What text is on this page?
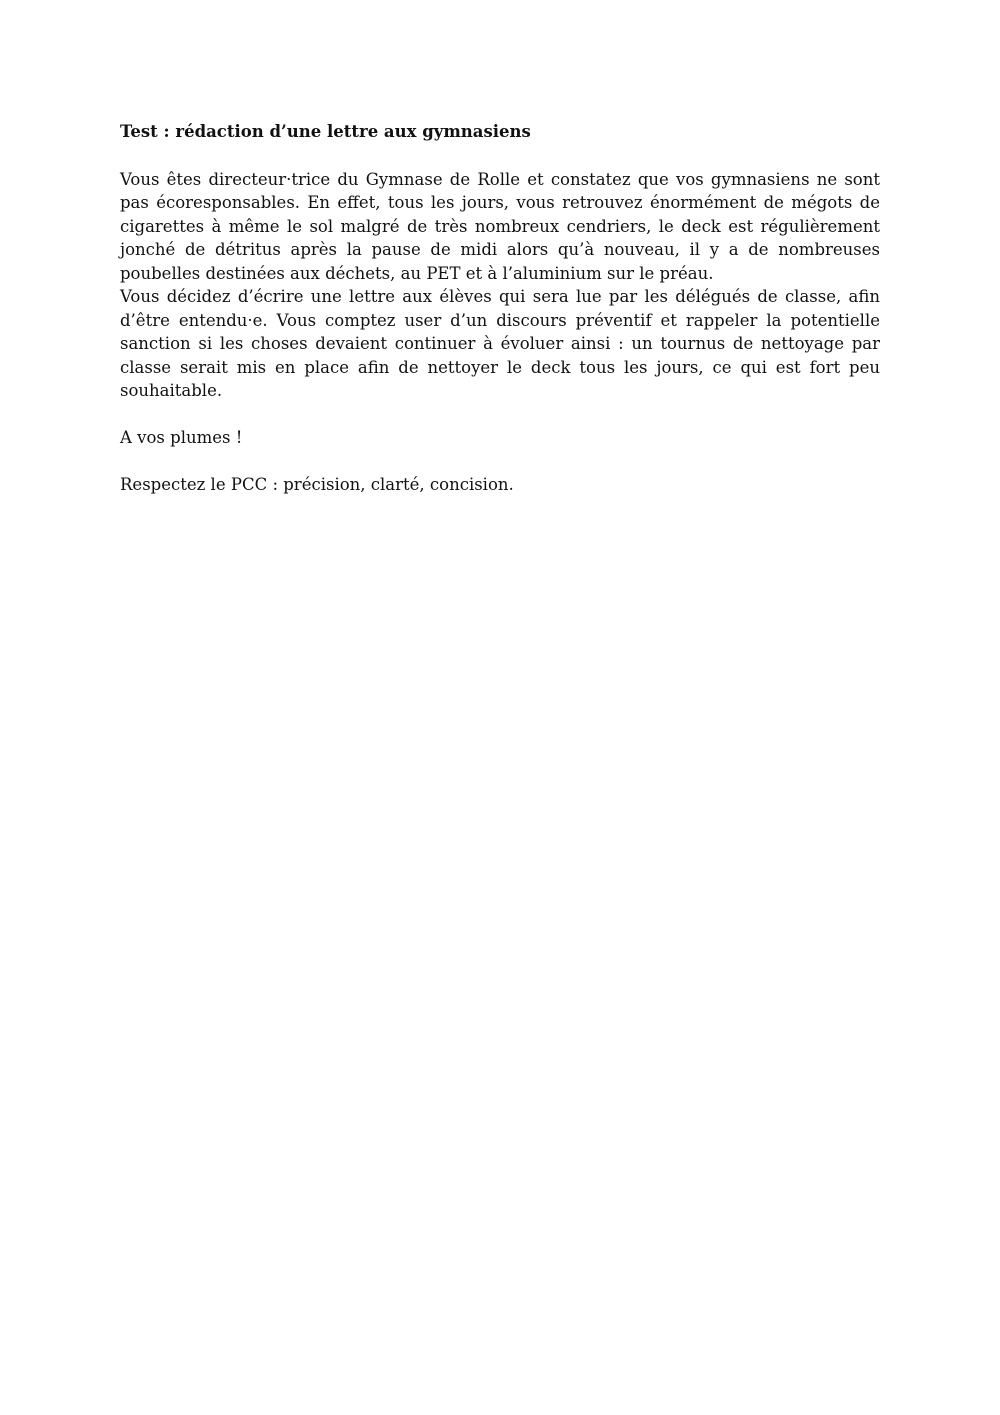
Test : rédaction d’une lettre aux gymnasiens

Vous êtes directeur·trice du Gymnase de Rolle et constatez que vos gymnasiens ne sont pas écoresponsables. En effet, tous les jours, vous retrouvez énormément de mégots de cigarettes à même le sol malgré de très nombreux cendriers, le deck est régulièrement jonché de détritus après la pause de midi alors qu’à nouveau, il y a de nombreuses poubelles destinées aux déchets, au PET et à l’aluminium sur le préau.

Vous décidez d’écrire une lettre aux élèves qui sera lue par les délégués de classe, afin d’être entendu·e. Vous comptez user d’un discours préventif et rappeler la potentielle sanction si les choses devaient continuer à évoluer ainsi : un tournus de nettoyage par classe serait mis en place afin de nettoyer le deck tous les jours, ce qui est fort peu souhaitable.

A vos plumes !

Respectez le PCC : précision, clarté, concision.
